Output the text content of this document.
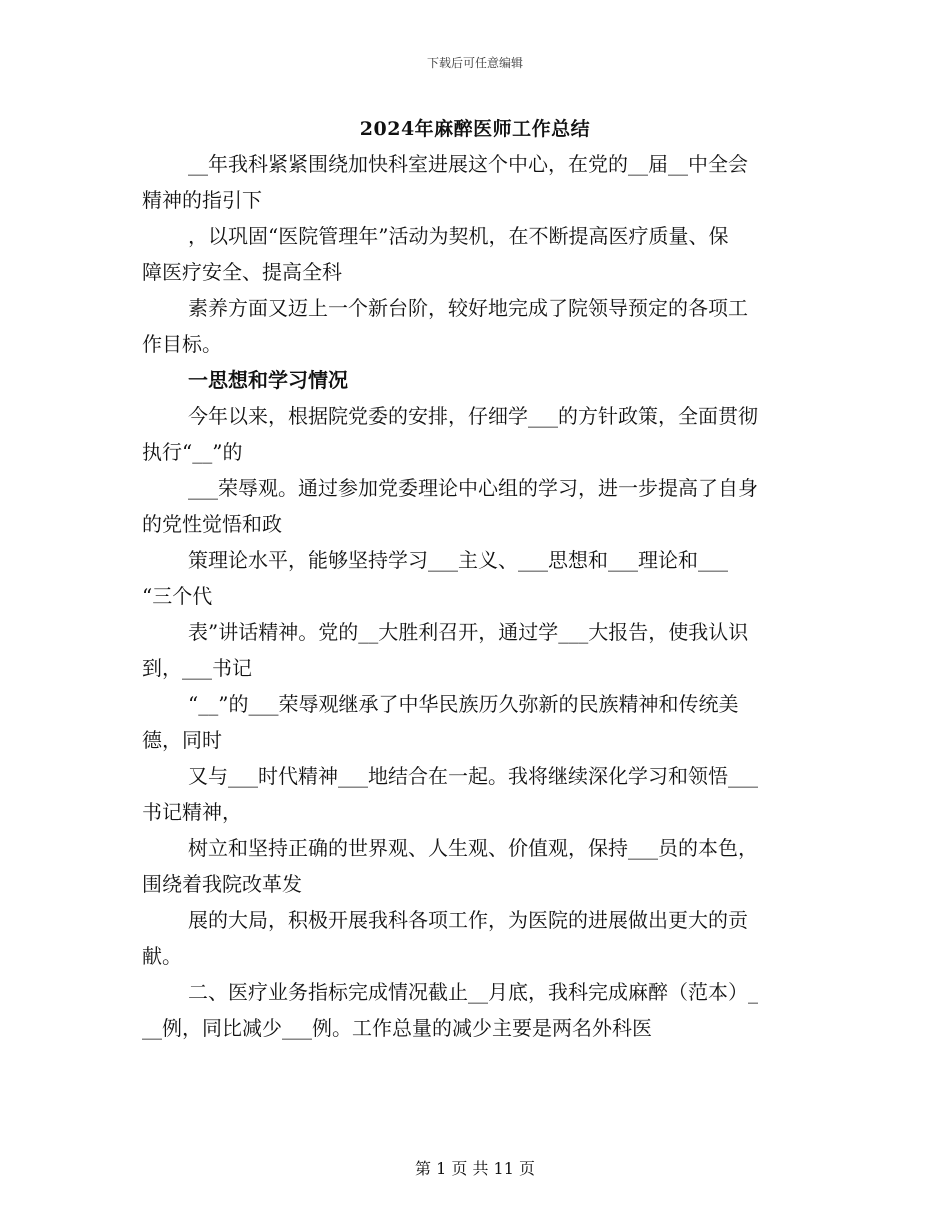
下载后可任意编辑
2024年麻醉医师工作总结
__年我科紧紧围绕加快科室进展这个中心，在党的__届__中全会
精神的指引下
，以巩固“医院管理年”活动为契机，在不断提高医疗质量、保
障医疗安全、提高全科
素养方面又迈上一个新台阶，较好地完成了院领导预定的各项工
作目标。
一思想和学习情况
今年以来，根据院党委的安排，仔细学___的方针政策，全面贯彻
执行“__”的
___荣辱观。通过参加党委理论中心组的学习，进一步提高了自身
的党性觉悟和政
策理论水平，能够坚持学习___主义、___思想和___理论和___
“三个代
表”讲话精神。党的__大胜利召开，通过学___大报告，使我认识
到，___书记
“__”的___荣辱观继承了中华民族历久弥新的民族精神和传统美
德，同时
又与___时代精神___地结合在一起。我将继续深化学习和领悟___
书记精神，
树立和坚持正确的世界观、人生观、价值观，保持___员的本色，
围绕着我院改革发
展的大局，积极开展我科各项工作，为医院的进展做出更大的贡
献。
二、医疗业务指标完成情况截止__月底，我科完成麻醉（范本）_
__例，同比减少___例。工作总量的减少主要是两名外科医
第 1 页 共 11 页
